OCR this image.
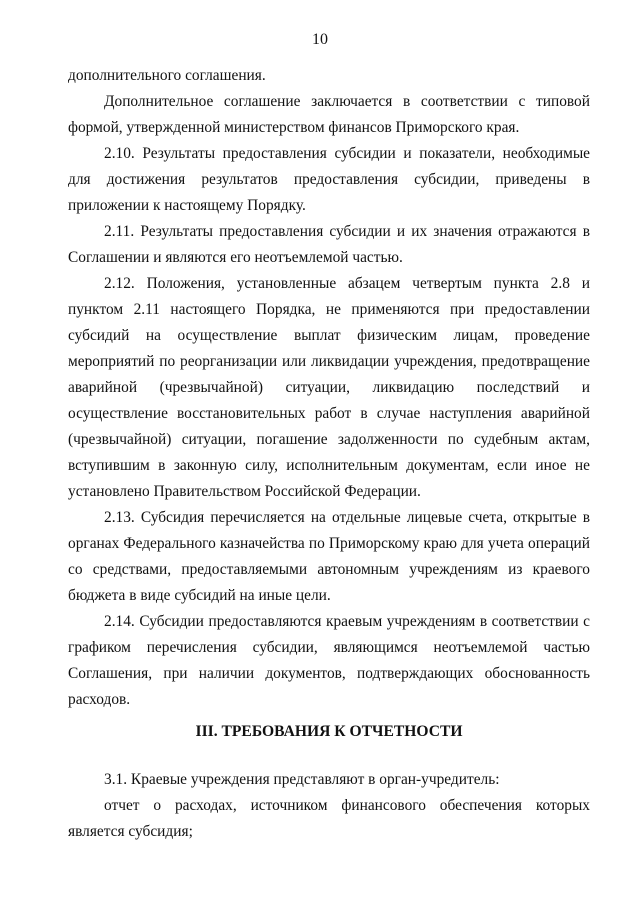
10
дополнительного соглашения.
Дополнительное соглашение заключается в соответствии с типовой
формой, утвержденной министерством финансов Приморского края.
2.10. Результаты предоставления субсидии и показатели, необходимые
для достижения результатов предоставления субсидии, приведены в
приложении к настоящему Порядку.
2.11. Результаты предоставления субсидии и их значения отражаются в
Соглашении и являются его неотъемлемой частью.
2.12. Положения, установленные абзацем четвертым пункта 2.8 и
пунктом 2.11 настоящего Порядка, не применяются при предоставлении
субсидий на осуществление выплат физическим лицам, проведение
мероприятий по реорганизации или ликвидации учреждения, предотвращение
аварийной (чрезвычайной) ситуации, ликвидацию последствий и
осуществление восстановительных работ в случае наступления аварийной
(чрезвычайной) ситуации, погашение задолженности по судебным актам,
вступившим в законную силу, исполнительным документам, если иное не
установлено Правительством Российской Федерации.
2.13. Субсидия перечисляется на отдельные лицевые счета, открытые в
органах Федерального казначейства по Приморскому краю для учета операций
со средствами, предоставляемыми автономным учреждениям из краевого
бюджета в виде субсидий на иные цели.
2.14. Субсидии предоставляются краевым учреждениям в соответствии с
графиком перечисления субсидии, являющимся неотъемлемой частью
Соглашения, при наличии документов, подтверждающих обоснованность
расходов.
III. ТРЕБОВАНИЯ К ОТЧЕТНОСТИ
3.1. Краевые учреждения представляют в орган-учредитель:
отчет о расходах, источником финансового обеспечения которых
является субсидия;
